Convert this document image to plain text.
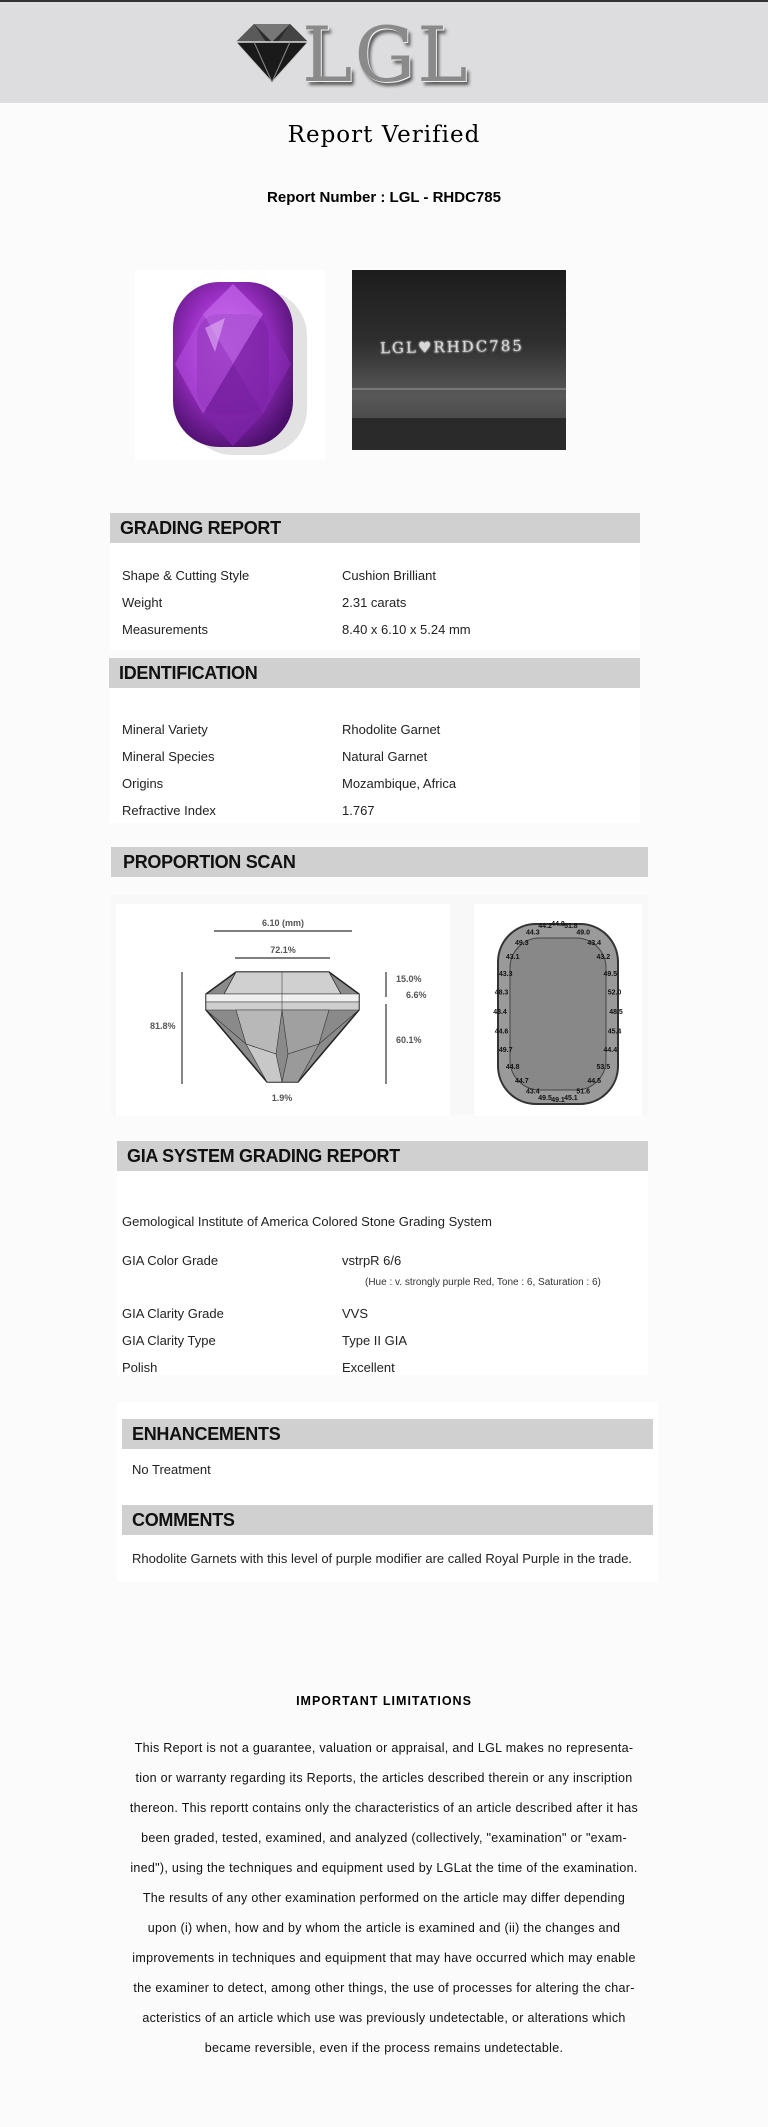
LGL
Report Verified
Report Number : LGL - RHDC785
LGL♥RHDC785
GRADING REPORT
Shape & Cutting Style	Cushion Brilliant
Weight	2.31 carats
Measurements	8.40 x 6.10 x 5.24 mm
IDENTIFICATION
Mineral Variety	Rhodolite Garnet
Mineral Species	Natural Garnet
Origins	Mozambique, Africa
Refractive Index	1.767
PROPORTION SCAN
6.10 (mm)
72.1%
81.8%
15.0%
6.6%
60.1%
1.9%
44.8 51.8
49.0
43.4
43.2
49.5
52.0
48.5
45.4
44.4
53.5
44.5
51.6
45.1
49.1
49.5
43.4
44.7
44.8
49.7
44.6
43.4
48.3
43.3
43.1
49.3
44.3
44.2
GIA SYSTEM GRADING REPORT
Gemological Institute of America Colored Stone Grading System
GIA Color Grade	vstrpR 6/6
(Hue : v. strongly purple Red, Tone : 6, Saturation : 6)
GIA Clarity Grade	VVS
GIA Clarity Type	Type II GIA
Polish	Excellent
ENHANCEMENTS
No Treatment
COMMENTS
Rhodolite Garnets with this level of purple modifier are called Royal Purple in the trade.
IMPORTANT LIMITATIONS
This Report is not a guarantee, valuation or appraisal, and LGL makes no representa-
tion or warranty regarding its Reports, the articles described therein or any inscription
thereon. This reportt contains only the characteristics of an article described after it has
been graded, tested, examined, and analyzed (collectively, "examination" or "exam-
ined"), using the techniques and equipment used by LGLat the time of the examination.
The results of any other examination performed on the article may differ depending
upon (i) when, how and by whom the article is examined and (ii) the changes and
improvements in techniques and equipment that may have occurred which may enable
the examiner to detect, among other things, the use of processes for altering the char-
acteristics of an article which use was previously undetectable, or alterations which
became reversible, even if the process remains undetectable.
